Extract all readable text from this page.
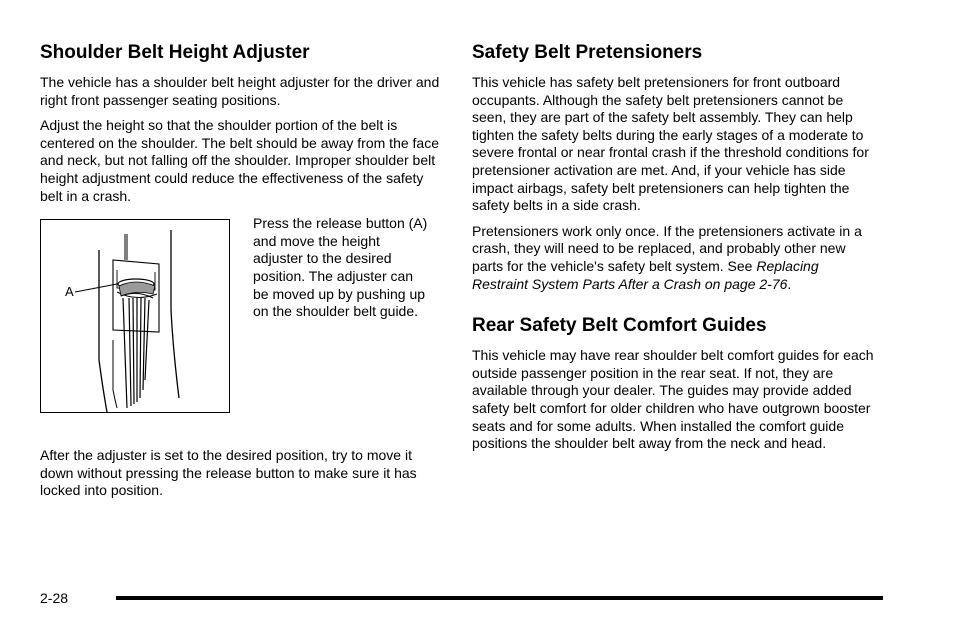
Shoulder Belt Height Adjuster

The vehicle has a shoulder belt height adjuster for the driver and right front passenger seating positions.

Adjust the height so that the shoulder portion of the belt is centered on the shoulder. The belt should be away from the face and neck, but not falling off the shoulder. Improper shoulder belt height adjustment could reduce the effectiveness of the safety belt in a crash.

A

Press the release button (A) and move the height adjuster to the desired position. The adjuster can be moved up by pushing up on the shoulder belt guide.

After the adjuster is set to the desired position, try to move it down without pressing the release button to make sure it has locked into position.

Safety Belt Pretensioners

This vehicle has safety belt pretensioners for front outboard occupants. Although the safety belt pretensioners cannot be seen, they are part of the safety belt assembly. They can help tighten the safety belts during the early stages of a moderate to severe frontal or near frontal crash if the threshold conditions for pretensioner activation are met. And, if your vehicle has side impact airbags, safety belt pretensioners can help tighten the safety belts in a side crash.

Pretensioners work only once. If the pretensioners activate in a crash, they will need to be replaced, and probably other new parts for the vehicle's safety belt system. See Replacing Restraint System Parts After a Crash on page 2-76.

Rear Safety Belt Comfort Guides

This vehicle may have rear shoulder belt comfort guides for each outside passenger position in the rear seat. If not, they are available through your dealer. The guides may provide added safety belt comfort for older children who have outgrown booster seats and for some adults. When installed the comfort guide positions the shoulder belt away from the neck and head.

2-28
